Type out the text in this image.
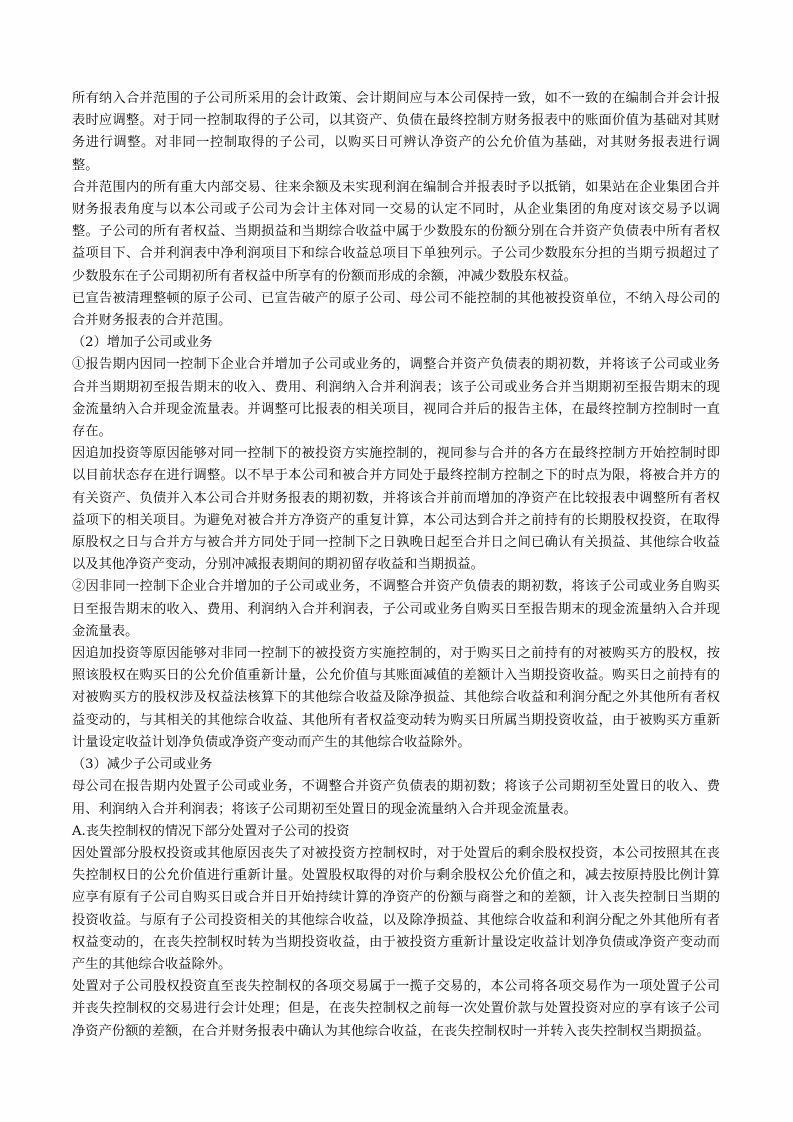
所有纳入合并范围的子公司所采用的会计政策、会计期间应与本公司保持一致，如不一致的在编制合并会计报表时应调整。对于同一控制取得的子公司，以其资产、负债在最终控制方财务报表中的账面价值为基础对其财务进行调整。对非同一控制取得的子公司，以购买日可辨认净资产的公允价值为基础，对其财务报表进行调整。

合并范围内的所有重大内部交易、往来余额及未实现利润在编制合并报表时予以抵销，如果站在企业集团合并财务报表角度与以本公司或子公司为会计主体对同一交易的认定不同时，从企业集团的角度对该交易予以调整。子公司的所有者权益、当期损益和当期综合收益中属于少数股东的份额分别在合并资产负债表中所有者权益项目下、合并利润表中净利润项目下和综合收益总项目下单独列示。子公司少数股东分担的当期亏损超过了少数股东在子公司期初所有者权益中所享有的份额而形成的余额，冲减少数股东权益。

已宣告被清理整顿的原子公司、已宣告破产的原子公司、母公司不能控制的其他被投资单位，不纳入母公司的合并财务报表的合并范围。

（2）增加子公司或业务

①报告期内因同一控制下企业合并增加子公司或业务的，调整合并资产负债表的期初数，并将该子公司或业务合并当期期初至报告期末的收入、费用、利润纳入合并利润表；该子公司或业务合并当期期初至报告期末的现金流量纳入合并现金流量表。并调整可比报表的相关项目，视同合并后的报告主体，在最终控制方控制时一直存在。

因追加投资等原因能够对同一控制下的被投资方实施控制的，视同参与合并的各方在最终控制方开始控制时即以目前状态存在进行调整。以不早于本公司和被合并方同处于最终控制方控制之下的时点为限，将被合并方的有关资产、负债并入本公司合并财务报表的期初数，并将该合并前而增加的净资产在比较报表中调整所有者权益项下的相关项目。为避免对被合并方净资产的重复计算，本公司达到合并之前持有的长期股权投资，在取得原股权之日与合并方与被合并方同处于同一控制下之日孰晚日起至合并日之间已确认有关损益、其他综合收益以及其他净资产变动，分别冲减报表期间的期初留存收益和当期损益。

②因非同一控制下企业合并增加的子公司或业务，不调整合并资产负债表的期初数，将该子公司或业务自购买日至报告期末的收入、费用、利润纳入合并利润表，子公司或业务自购买日至报告期末的现金流量纳入合并现金流量表。

因追加投资等原因能够对非同一控制下的被投资方实施控制的，对于购买日之前持有的对被购买方的股权，按照该股权在购买日的公允价值重新计量，公允价值与其账面减值的差额计入当期投资收益。购买日之前持有的对被购买方的股权涉及权益法核算下的其他综合收益及除净损益、其他综合收益和利润分配之外其他所有者权益变动的，与其相关的其他综合收益、其他所有者权益变动转为购买日所属当期投资收益，由于被购买方重新计量设定收益计划净负债或净资产变动而产生的其他综合收益除外。

（3）减少子公司或业务

母公司在报告期内处置子公司或业务，不调整合并资产负债表的期初数；将该子公司期初至处置日的收入、费用、利润纳入合并利润表；将该子公司期初至处置日的现金流量纳入合并现金流量表。

A.丧失控制权的情况下部分处置对子公司的投资

因处置部分股权投资或其他原因丧失了对被投资方控制权时，对于处置后的剩余股权投资，本公司按照其在丧失控制权日的公允价值进行重新计量。处置股权取得的对价与剩余股权公允价值之和，减去按原持股比例计算应享有原有子公司自购买日或合并日开始持续计算的净资产的份额与商誉之和的差额，计入丧失控制日当期的投资收益。与原有子公司投资相关的其他综合收益，以及除净损益、其他综合收益和利润分配之外其他所有者权益变动的，在丧失控制权时转为当期投资收益，由于被投资方重新计量设定收益计划净负债或净资产变动而产生的其他综合收益除外。

处置对子公司股权投资直至丧失控制权的各项交易属于一揽子交易的，本公司将各项交易作为一项处置子公司并丧失控制权的交易进行会计处理；但是，在丧失控制权之前每一次处置价款与处置投资对应的享有该子公司净资产份额的差额，在合并财务报表中确认为其他综合收益，在丧失控制权时一并转入丧失控制权当期损益。
